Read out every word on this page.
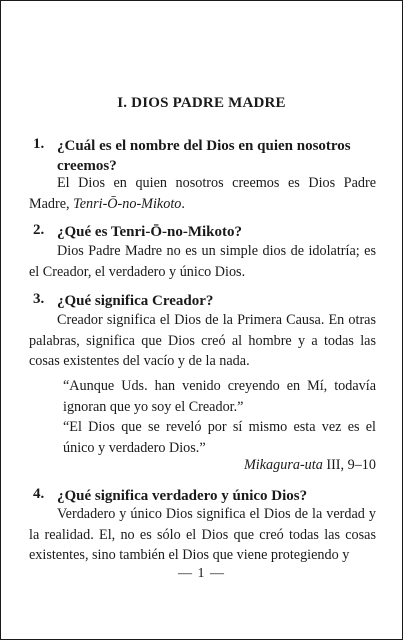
I. DIOS PADRE MADRE
1. ¿Cuál es el nombre del Dios en quien nosotros creemos?
El Dios en quien nosotros creemos es Dios Padre Madre, Tenri-Ō-no-Mikoto.
2. ¿Qué es Tenri-Ō-no-Mikoto?
Dios Padre Madre no es un simple dios de idolatría; es el Creador, el verdadero y único Dios.
3. ¿Qué significa Creador?
Creador significa el Dios de la Primera Causa. En otras palabras, significa que Dios creó al hombre y a todas las cosas existentes del vacío y de la nada.
“Aunque Uds. han venido creyendo en Mí, todavía ignoran que yo soy el Creador.”
“El Dios que se reveló por sí mismo esta vez es el único y verdadero Dios.”
Mikagura-uta III, 9–10
4. ¿Qué significa verdadero y único Dios?
Verdadero y único Dios significa el Dios de la verdad y la realidad. El, no es sólo el Dios que creó todas las cosas existentes, sino también el Dios que viene protegiendo y
— 1 —
